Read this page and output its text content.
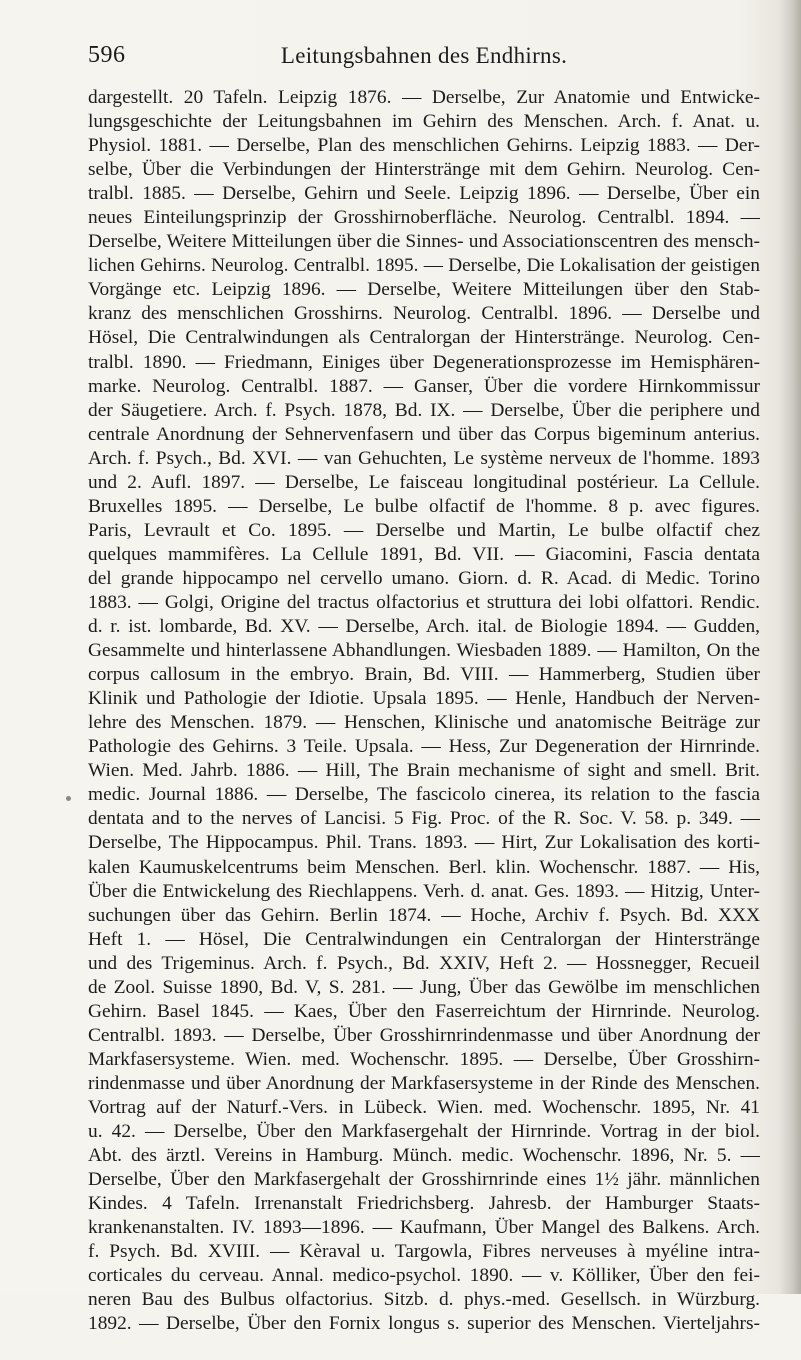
596	Leitungsbahnen des Endhirns.
dargestellt. 20 Tafeln. Leipzig 1876. — Derselbe, Zur Anatomie und Entwicke-
lungsgeschichte der Leitungsbahnen im Gehirn des Menschen. Arch. f. Anat. u.
Physiol. 1881. — Derselbe, Plan des menschlichen Gehirns. Leipzig 1883. — Der-
selbe, Über die Verbindungen der Hinterstränge mit dem Gehirn. Neurolog. Cen-
tralbl. 1885. — Derselbe, Gehirn und Seele. Leipzig 1896. — Derselbe, Über ein
neues Einteilungsprinzip der Grosshirnoberfläche. Neurolog. Centralbl. 1894. —
Derselbe, Weitere Mitteilungen über die Sinnes- und Associationscentren des mensch-
lichen Gehirns. Neurolog. Centralbl. 1895. — Derselbe, Die Lokalisation der geistigen
Vorgänge etc. Leipzig 1896. — Derselbe, Weitere Mitteilungen über den Stab-
kranz des menschlichen Grosshirns. Neurolog. Centralbl. 1896. — Derselbe und
Hösel, Die Centralwindungen als Centralorgan der Hinterstränge. Neurolog. Cen-
tralbl. 1890. — Friedmann, Einiges über Degenerationsprozesse im Hemisphären-
marke. Neurolog. Centralbl. 1887. — Ganser, Über die vordere Hirnkommissur
der Säugetiere. Arch. f. Psych. 1878, Bd. IX. — Derselbe, Über die periphere und
centrale Anordnung der Sehnervenfasern und über das Corpus bigeminum anterius.
Arch. f. Psych., Bd. XVI. — van Gehuchten, Le système nerveux de l'homme. 1893
und 2. Aufl. 1897. — Derselbe, Le faisceau longitudinal postérieur. La Cellule.
Bruxelles 1895. — Derselbe, Le bulbe olfactif de l'homme. 8 p. avec figures.
Paris, Levrault et Co. 1895. — Derselbe und Martin, Le bulbe olfactif chez
quelques mammifères. La Cellule 1891, Bd. VII. — Giacomini, Fascia dentata
del grande hippocampo nel cervello umano. Giorn. d. R. Acad. di Medic. Torino
1883. — Golgi, Origine del tractus olfactorius et struttura dei lobi olfattori. Rendic.
d. r. ist. lombarde, Bd. XV. — Derselbe, Arch. ital. de Biologie 1894. — Gudden,
Gesammelte und hinterlassene Abhandlungen. Wiesbaden 1889. — Hamilton, On the
corpus callosum in the embryo. Brain, Bd. VIII. — Hammerberg, Studien über
Klinik und Pathologie der Idiotie. Upsala 1895. — Henle, Handbuch der Nerven-
lehre des Menschen. 1879. — Henschen, Klinische und anatomische Beiträge zur
Pathologie des Gehirns. 3 Teile. Upsala. — Hess, Zur Degeneration der Hirnrinde.
Wien. Med. Jahrb. 1886. — Hill, The Brain mechanisme of sight and smell. Brit.
medic. Journal 1886. — Derselbe, The fascicolo cinerea, its relation to the fascia
dentata and to the nerves of Lancisi. 5 Fig. Proc. of the R. Soc. V. 58. p. 349. —
Derselbe, The Hippocampus. Phil. Trans. 1893. — Hirt, Zur Lokalisation des korti-
kalen Kaumuskelcentrums beim Menschen. Berl. klin. Wochenschr. 1887. — His,
Über die Entwickelung des Riechlappens. Verh. d. anat. Ges. 1893. — Hitzig, Unter-
suchungen über das Gehirn. Berlin 1874. — Hoche, Archiv f. Psych. Bd. XXX
Heft 1. — Hösel, Die Centralwindungen ein Centralorgan der Hinterstränge
und des Trigeminus. Arch. f. Psych., Bd. XXIV, Heft 2. — Hossnegger, Recueil
de Zool. Suisse 1890, Bd. V, S. 281. — Jung, Über das Gewölbe im menschlichen
Gehirn. Basel 1845. — Kaes, Über den Faserreichtum der Hirnrinde. Neurolog.
Centralbl. 1893. — Derselbe, Über Grosshirnrindenmasse und über Anordnung der
Markfasersysteme. Wien. med. Wochenschr. 1895. — Derselbe, Über Grosshirn-
rindenmasse und über Anordnung der Markfasersysteme in der Rinde des Menschen.
Vortrag auf der Naturf.-Vers. in Lübeck. Wien. med. Wochenschr. 1895, Nr. 41
u. 42. — Derselbe, Über den Markfasergehalt der Hirnrinde. Vortrag in der biol.
Abt. des ärztl. Vereins in Hamburg. Münch. medic. Wochenschr. 1896, Nr. 5. —
Derselbe, Über den Markfasergehalt der Grosshirnrinde eines 1½ jähr. männlichen
Kindes. 4 Tafeln. Irrenanstalt Friedrichsberg. Jahresb. der Hamburger Staats-
krankenanstalten. IV. 1893—1896. — Kaufmann, Über Mangel des Balkens. Arch.
f. Psych. Bd. XVIII. — Kèraval u. Targowla, Fibres nerveuses à myéline intra-
corticales du cerveau. Annal. medico-psychol. 1890. — v. Kölliker, Über den fei-
neren Bau des Bulbus olfactorius. Sitzb. d. phys.-med. Gesellsch. in Würzburg.
1892. — Derselbe, Über den Fornix longus s. superior des Menschen. Vierteljahrs-
